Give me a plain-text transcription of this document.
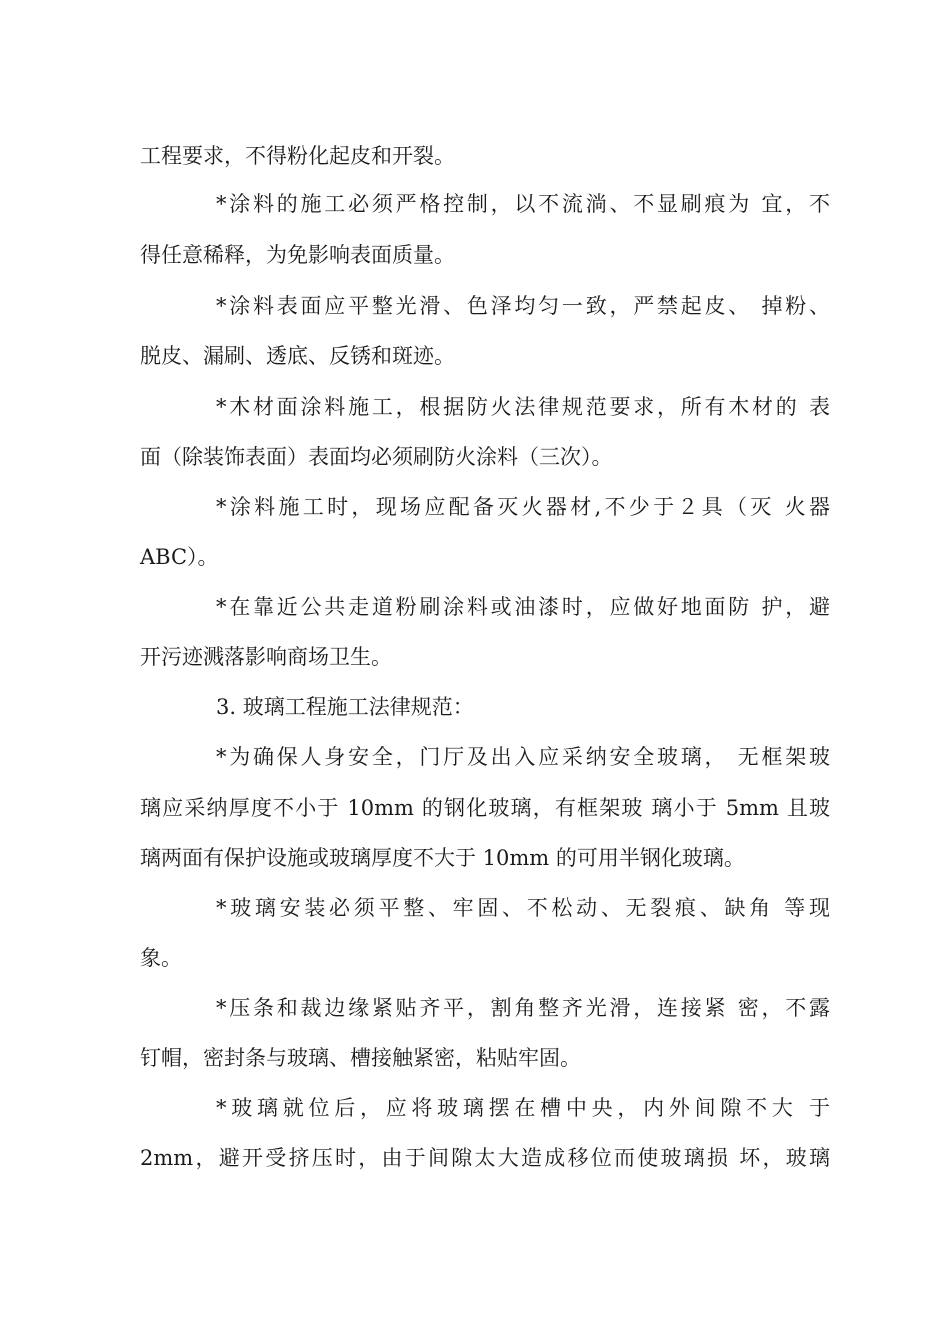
工程要求，不得粉化起皮和开裂。
*涂料的施工必须严格控制，以不流淌、不显刷痕为 宜，不
得任意稀释，为免影响表面质量。
*涂料表面应平整光滑、色泽均匀一致，严禁起皮、 掉粉、
脱皮、漏刷、透底、反锈和斑迹。
*木材面涂料施工，根据防火法律规范要求，所有木材的 表
面（除装饰表面）表面均必须刷防火涂料（三次）。
*涂料施工时，现场应配备灭火器材,不少于２具（灭 火器
ABC）。
*在靠近公共走道粉刷涂料或油漆时，应做好地面防 护，避
开污迹溅落影响商场卫生。
3. 玻璃工程施工法律规范：
*为确保人身安全，门厅及出入应采纳安全玻璃， 无框架玻
璃应采纳厚度不小于 10mm 的钢化玻璃，有框架玻 璃小于 5mm 且玻
璃两面有保护设施或玻璃厚度不大于 10mm 的可用半钢化玻璃。
*玻璃安装必须平整、牢固、不松动、无裂痕、缺角 等现
象。
*压条和裁边缘紧贴齐平，割角整齐光滑，连接紧 密，不露
钉帽，密封条与玻璃、槽接触紧密，粘贴牢固。
*玻璃就位后，应将玻璃摆在槽中央，内外间隙不大 于
2mm，避开受挤压时，由于间隙太大造成移位而使玻璃损 坏，玻璃
